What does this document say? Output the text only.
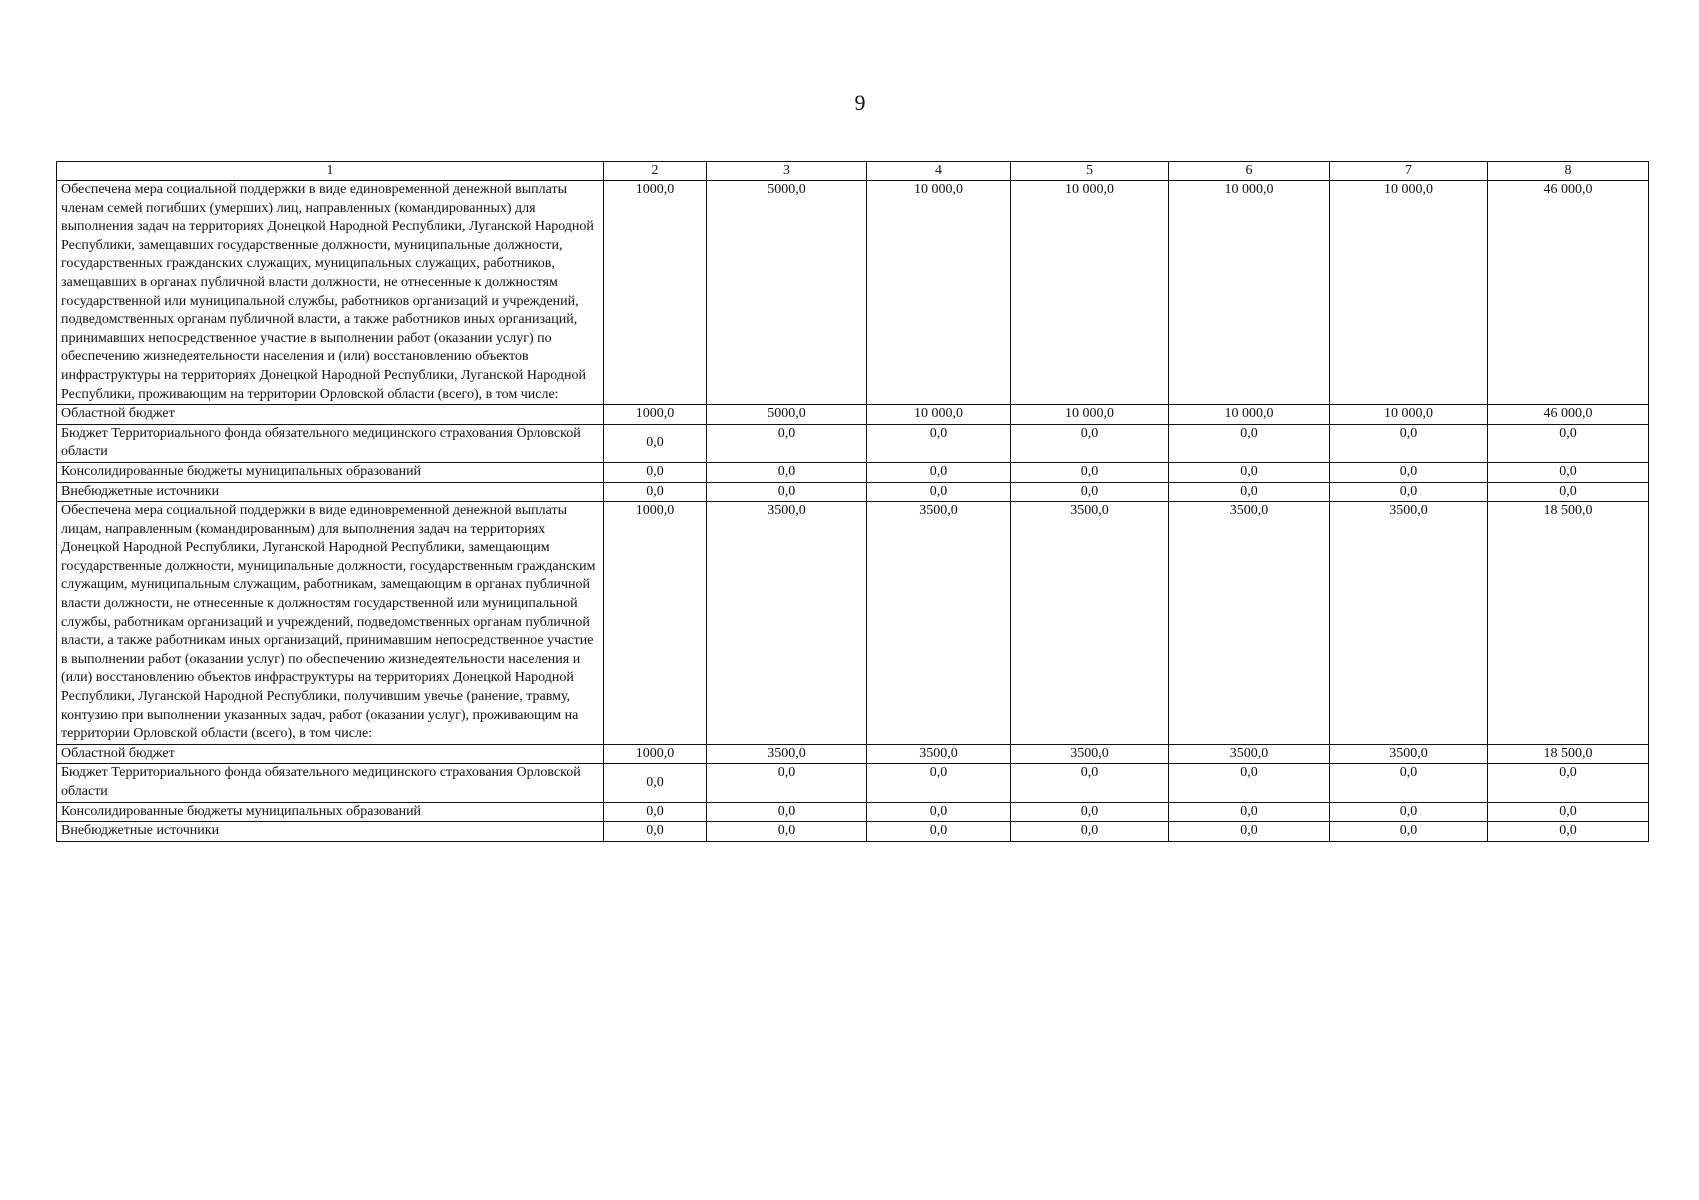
9
1	2	3	4	5	6	7	8
Обеспечена мера социальной поддержки в виде единовременной денежной выплаты членам семей погибших (умерших) лиц, направленных (командированных) для выполнения задач на территориях Донецкой Народной Республики, Луганской Народной Республики, замещавших государственные должности, муниципальные должности, государственных гражданских служащих, муниципальных служащих, работников, замещавших в органах публичной власти должности, не отнесенные к должностям государственной или муниципальной службы, работников организаций и учреждений, подведомственных органам публичной власти, а также работников иных организаций, принимавших непосредственное участие в выполнении работ (оказании услуг) по обеспечению жизнедеятельности населения и (или) восстановлению объектов инфраструктуры на территориях Донецкой Народной Республики, Луганской Народной Республики, проживающим на территории Орловской области (всего), в том числе:	1000,0	5000,0	10 000,0	10 000,0	10 000,0	10 000,0	46 000,0
Областной бюджет	1000,0	5000,0	10 000,0	10 000,0	10 000,0	10 000,0	46 000,0
Бюджет Территориального фонда обязательного медицинского страхования Орловской области	0,0	0,0	0,0	0,0	0,0	0,0	0,0
Консолидированные бюджеты муниципальных образований	0,0	0,0	0,0	0,0	0,0	0,0	0,0
Внебюджетные источники	0,0	0,0	0,0	0,0	0,0	0,0	0,0
Обеспечена мера социальной поддержки в виде единовременной денежной выплаты лицам, направленным (командированным) для выполнения задач на территориях Донецкой Народной Республики, Луганской Народной Республики, замещающим государственные должности, муниципальные должности, государственным гражданским служащим, муниципальным служащим, работникам, замещающим в органах публичной власти должности, не отнесенные к должностям государственной или муниципальной службы, работникам организаций и учреждений, подведомственных органам публичной власти, а также работникам иных организаций, принимавшим непосредственное участие в выполнении работ (оказании услуг) по обеспечению жизнедеятельности населения и (или) восстановлению объектов инфраструктуры на территориях Донецкой Народной Республики, Луганской Народной Республики, получившим увечье (ранение, травму, контузию при выполнении указанных задач, работ (оказании услуг), проживающим на территории Орловской области (всего), в том числе:	1000,0	3500,0	3500,0	3500,0	3500,0	3500,0	18 500,0
Областной бюджет	1000,0	3500,0	3500,0	3500,0	3500,0	3500,0	18 500,0
Бюджет Территориального фонда обязательного медицинского страхования Орловской области	0,0	0,0	0,0	0,0	0,0	0,0	0,0
Консолидированные бюджеты муниципальных образований	0,0	0,0	0,0	0,0	0,0	0,0	0,0
Внебюджетные источники	0,0	0,0	0,0	0,0	0,0	0,0	0,0
